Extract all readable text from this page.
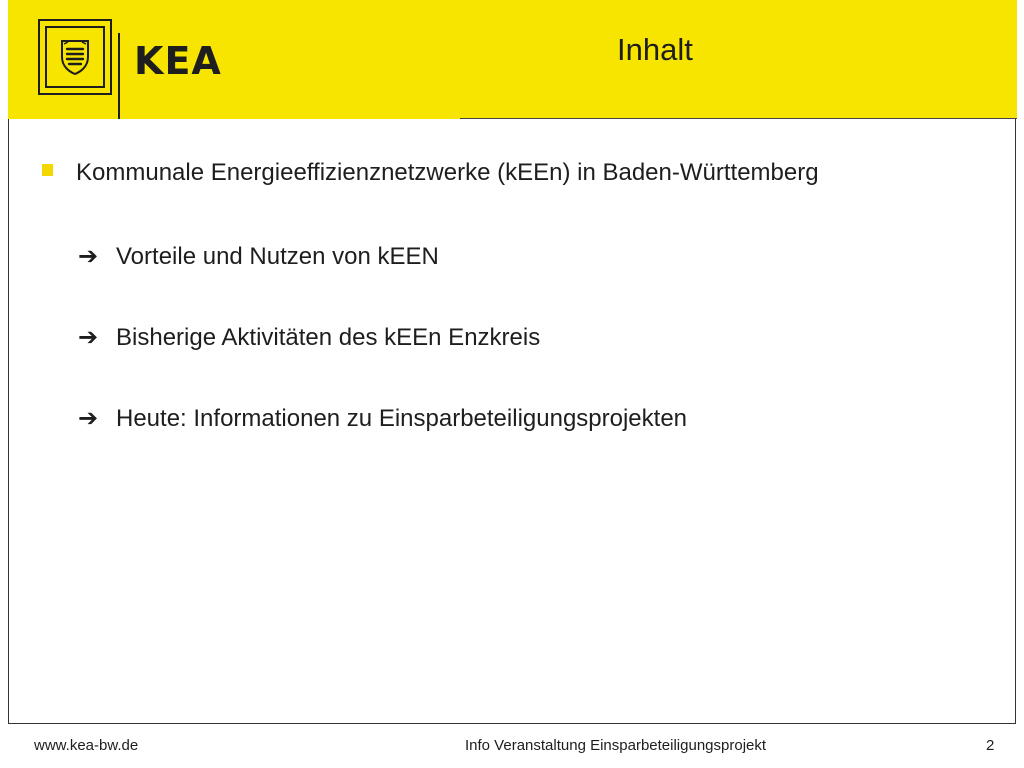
KEA	Inhalt
Kommunale Energieeffizienznetzwerke (kEEn) in Baden-Württemberg
➔ Vorteile und Nutzen von kEEN
➔ Bisherige Aktivitäten des kEEn Enzkreis
➔ Heute: Informationen zu Einsparbeteiligungsprojekten
www.kea-bw.de	Info Veranstaltung Einsparbeteiligungsprojekt	2
